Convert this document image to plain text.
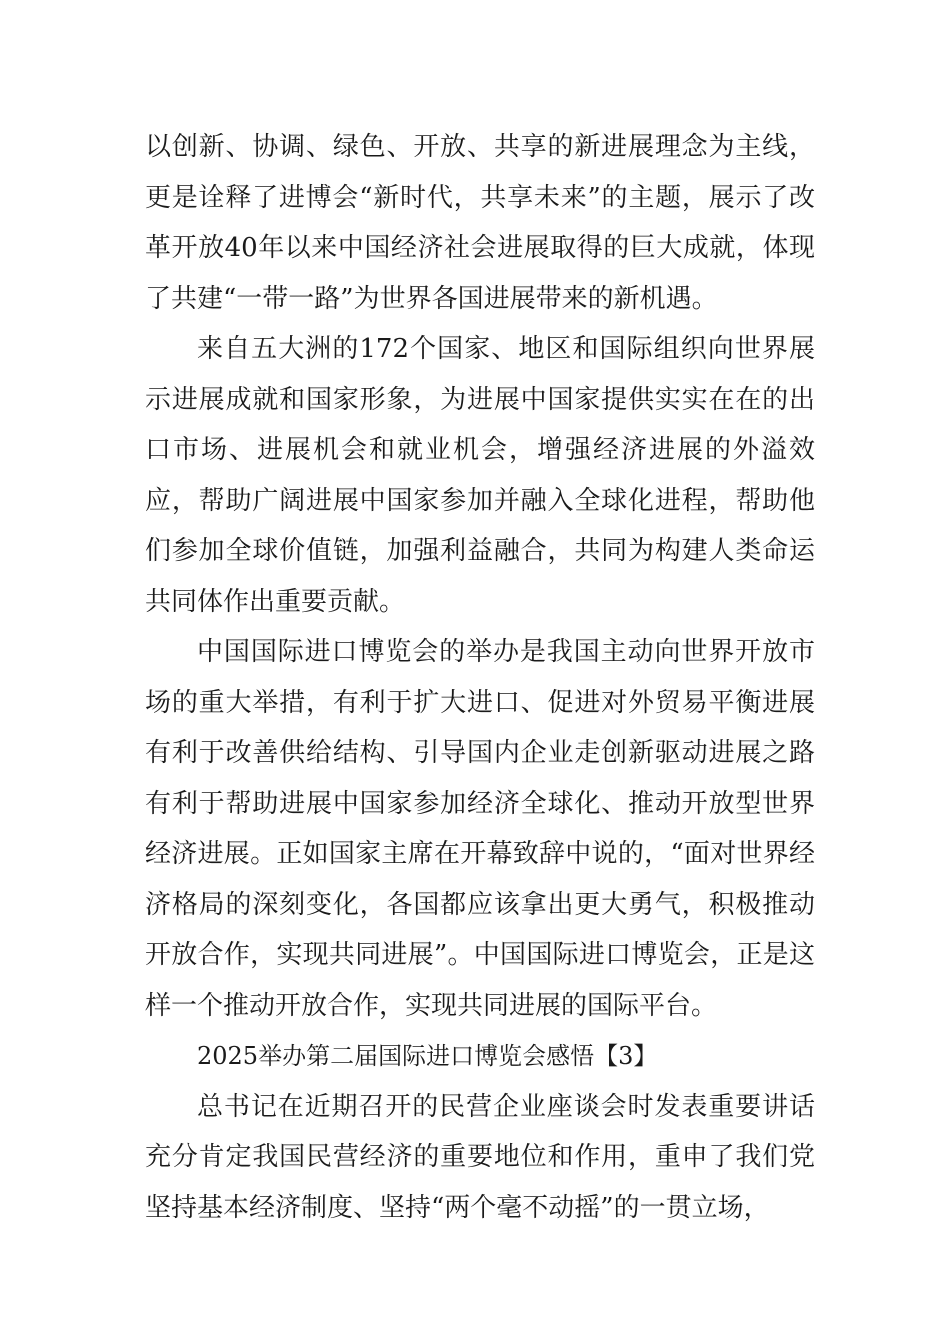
以创新、协调、绿色、开放、共享的新进展理念为主线，更是诠释了进博会“新时代，共享未来”的主题，展示了改革开放40年以来中国经济社会进展取得的巨大成就，体现了共建“一带一路”为世界各国进展带来的新机遇。

来自五大洲的172个国家、地区和国际组织向世界展示进展成就和国家形象，为进展中国家提供实实在在的出口市场、进展机会和就业机会，增强经济进展的外溢效应，帮助广阔进展中国家参加并融入全球化进程，帮助他们参加全球价值链，加强利益融合，共同为构建人类命运共同体作出重要贡献。

中国国际进口博览会的举办是我国主动向世界开放市场的重大举措，有利于扩大进口、促进对外贸易平衡进展有利于改善供给结构、引导国内企业走创新驱动进展之路有利于帮助进展中国家参加经济全球化、推动开放型世界经济进展。正如国家主席在开幕致辞中说的，“面对世界经济格局的深刻变化，各国都应该拿出更大勇气，积极推动开放合作，实现共同进展”。中国国际进口博览会，正是这样一个推动开放合作，实现共同进展的国际平台。

2025举办第二届国际进口博览会感悟【3】

总书记在近期召开的民营企业座谈会时发表重要讲话充分肯定我国民营经济的重要地位和作用，重申了我们党坚持基本经济制度、坚持“两个毫不动摇”的一贯立场，
